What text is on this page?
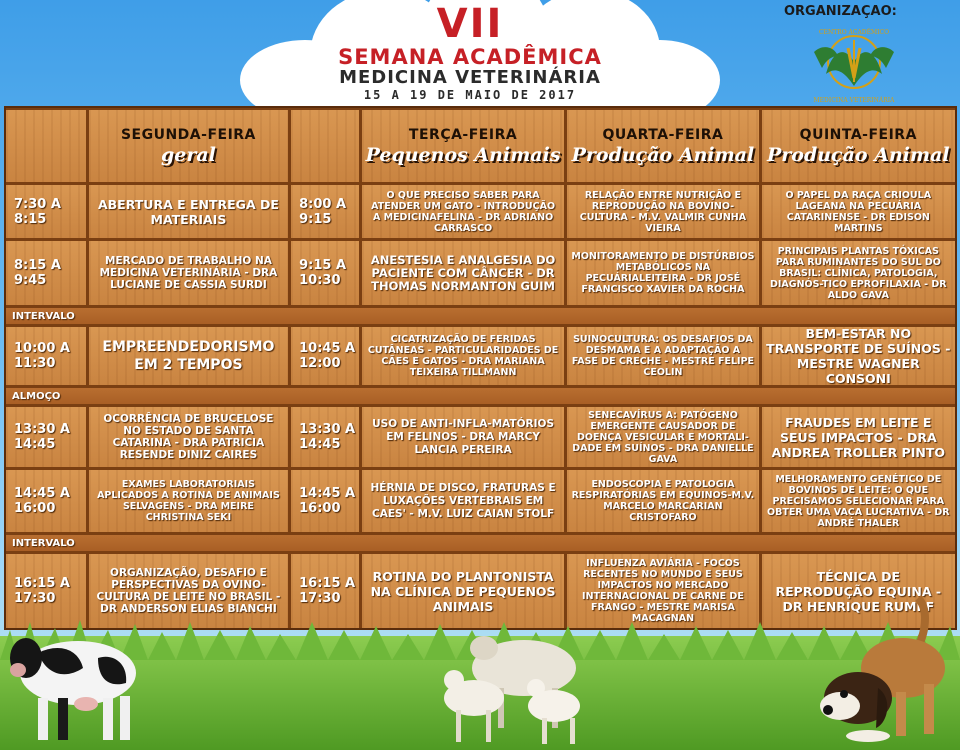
VII
SEMANA ACADÊMICA
MEDICINA VETERINÁRIA
15 A 19 DE MAIO DE 2017
ORGANIZAÇAO:
CENTRO ACADÊMICO
MEDICINA VETERINÁRIA
SEGUNDA-FEIRA
geral
TERÇA-FEIRA
Pequenos Animais
QUARTA-FEIRA
Produção Animal
QUINTA-FEIRA
Produção Animal
7:30 A 8:15
ABERTURA E ENTREGA DE MATERIAIS
8:00 A 9:15
O QUE PRECISO SABER PARA ATENDER UM GATO - INTRODUÇÃO A MEDICINAFELINA - DR ADRIANO CARRASCO
RELAÇÃO ENTRE NUTRIÇÃO E REPRODUÇÃO NA BOVINO-CULTURA - M.V. VALMIR CUNHA VIEIRA
O PAPEL DA RAÇA CRIOULA LAGEANA NA PECUÁRIA CATARINENSE - DR EDISON MARTINS
8:15 A 9:45
MERCADO DE TRABALHO NA MEDICINA VETERINÁRIA - DRA LUCIANE DE CASSIA SURDI
9:15 A 10:30
ANESTESIA E ANALGESIA DO PACIENTE COM CÂNCER - DR THOMAS NORMANTON GUIM
MONITORAMENTO DE DISTÚRBIOS METABÓLICOS NA PECUÁRIALEITEIRA - DR JOSÉ FRANCISCO XAVIER DA ROCHA
PRINCIPAIS PLANTAS TÓXICAS PARA RUMINANTES DO SUL DO BRASIL: CLÍNICA, PATOLOGIA, DIAGNÓS-TICO EPROFILAXIA - DR ALDO GAVA
INTERVALO
10:00 A 11:30
EMPREENDEDORISMO EM 2 TEMPOS
10:45 A 12:00
CICATRIZAÇÃO DE FERIDAS CUTÂNEAS - PARTICULARIDADES DE CÃES E GATOS - DRA MARIANA TEIXEIRA TILLMANN
SUINOCULTURA: OS DESAFIOS DA DESMAMA E A ADAPTAÇÃO A FASE DE CRECHE - MESTRE FELIPE CEOLIN
BEM-ESTAR NO TRANSPORTE DE SUÍNOS - MESTRE WAGNER CONSONI
ALMOÇO
13:30 A 14:45
OCORRÊNCIA DE BRUCELOSE NO ESTADO DE SANTA CATARINA - DRA PATRICIA RESENDE DINIZ CAIRES
13:30 A 14:45
USO DE ANTI-INFLA-MATÓRIOS EM FELINOS - DRA MARCY LANCIA PEREIRA
SENECAVÍRUS A: PATÓGENO EMERGENTE CAUSADOR DE DOENÇA VESICULAR E MORTALI-DADE EM SUÍNOS - DRA DANIELLE GAVA
FRAUDES EM LEITE E SEUS IMPACTOS - DRA ANDREA TROLLER PINTO
14:45 A 16:00
EXAMES LABORATORIAIS APLICADOS A ROTINA DE ANIMAIS SELVAGENS - DRA MEIRE CHRISTINA SEKI
14:45 A 16:00
HÉRNIA DE DISCO, FRATURAS E LUXAÇÕES VERTEBRAIS EM CAES' - M.V. LUIZ CAIAN STOLF
ENDOSCOPIA E PATOLOGIA RESPIRATÓRIAS EM EQUINOS-M.V. MARCELO MARCARIAN CRISTOFARO
MELHORAMENTO GENÉTICO DE BOVINOS DE LEITE: O QUE PRECISAMOS SELECIONAR PARA OBTER UMA VACA LUCRATIVA - DR ANDRÉ THALER
INTERVALO
16:15 A 17:30
ORGANIZAÇÃO, DESAFIO E PERSPECTIVAS DA OVINO-CULTURA DE LEITE NO BRASIL - DR ANDERSON ELIAS BIANCHI
16:15 A 17:30
ROTINA DO PLANTONISTA NA CLÍNICA DE PEQUENOS ANIMAIS
INFLUENZA AVIÁRIA - FOCOS RECENTES NO MUNDO E SEUS IMPACTOS NO MERCADO INTERNACIONAL DE CARNE DE FRANGO - MESTRE MARISA MACAGNAN
TÉCNICA DE REPRODUÇÃO EQUINA - DR HENRIQUE RUMPF
